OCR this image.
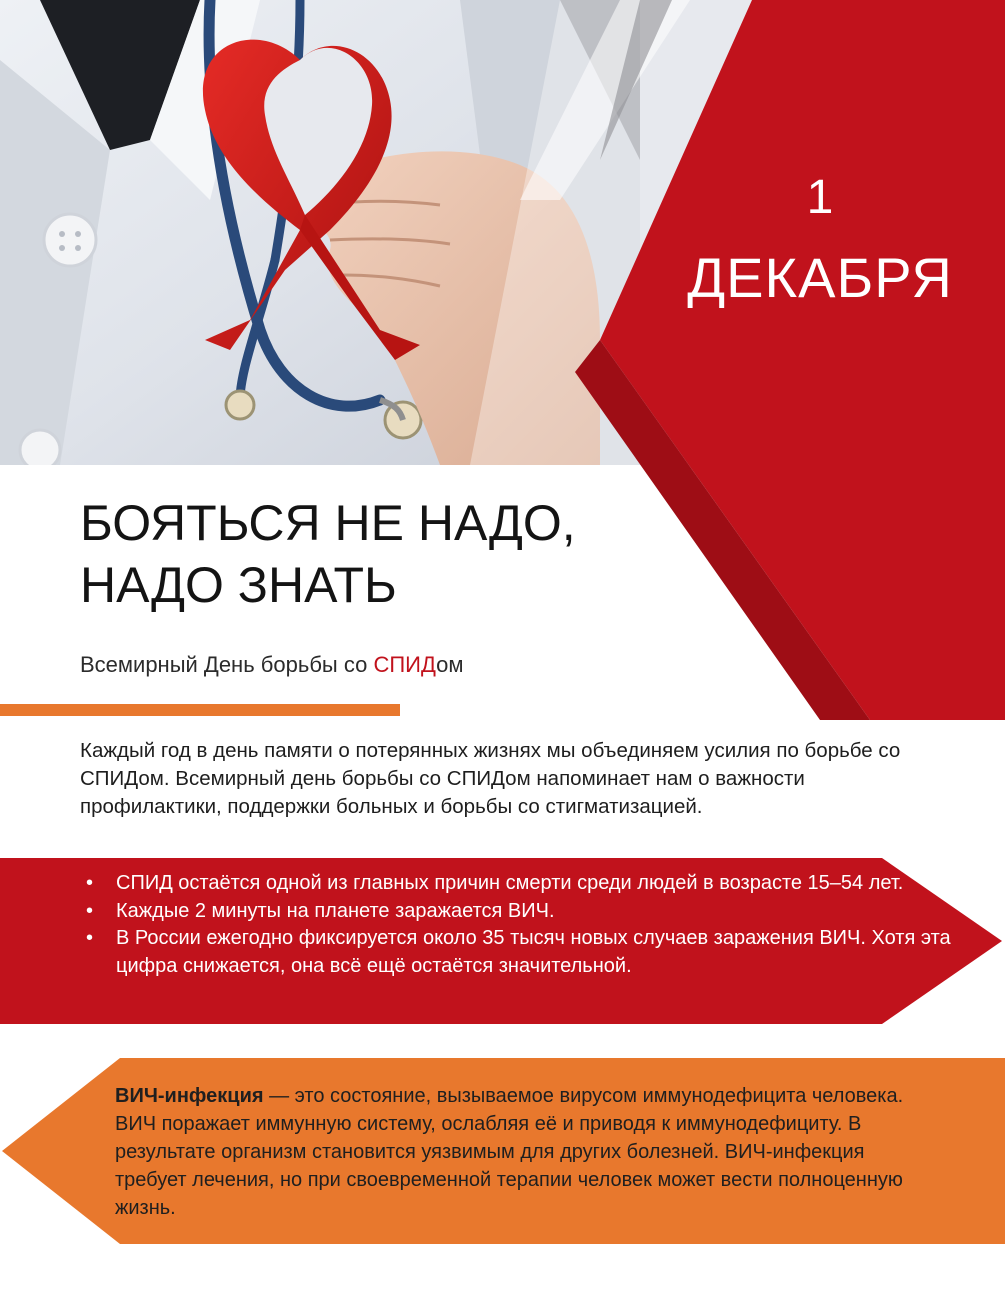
1
ДЕКАБРЯ
БОЯТЬСЯ НЕ НАДО,
НАДО ЗНАТЬ
Всемирный День борьбы со СПИДом
Каждый год в день памяти о потерянных жизнях мы объединяем усилия по борьбе со СПИДом. Всемирный день борьбы со СПИДом напоминает нам о важности профилактики, поддержки больных и борьбы со стигматизацией.
• СПИД остаётся одной из главных причин смерти среди людей в возрасте 15–54 лет.
• Каждые 2 минуты на планете заражается ВИЧ.
• В России ежегодно фиксируется около 35 тысяч новых случаев заражения ВИЧ. Хотя эта цифра снижается, она всё ещё остаётся значительной.
ВИЧ-инфекция — это состояние, вызываемое вирусом иммунодефицита человека. ВИЧ поражает иммунную систему, ослабляя её и приводя к иммунодефициту. В результате организм становится уязвимым для других болезней. ВИЧ-инфекция требует лечения, но при своевременной терапии человек может вести полноценную жизнь.
